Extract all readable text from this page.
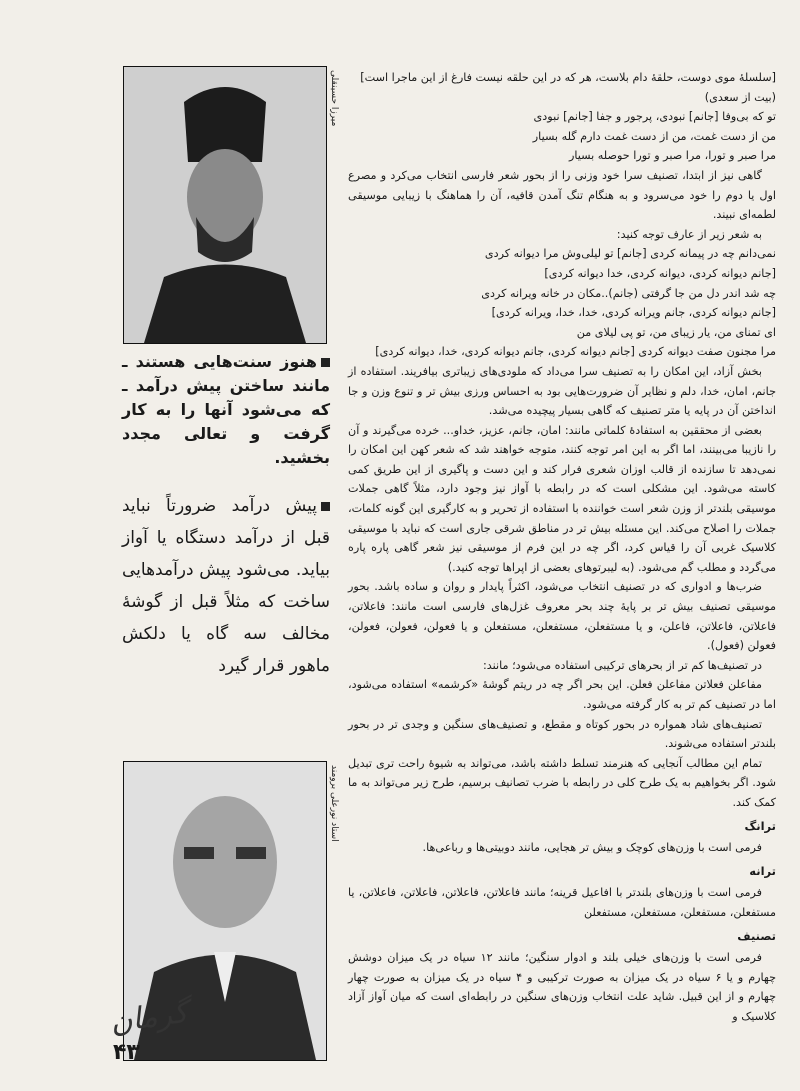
[سلسلهٔ موی دوست، حلقهٔ دام بلاست، هر که در این حلقه نیست فارغ از این ماجرا است]

(بیت از سعدی)

تو که بی‌وفا [جانم] نبودی، پرجور و جفا [جانم] نبودی

من از دست غمت، من از دست غمت دارم گله بسیار

مرا صبر و تورا، مرا صبر و تورا حوصله بسیار

گاهی نیز از ابتدا، تصنیف سرا خود وزنی را از بحور شعر فارسی انتخاب می‌کرد و مصرع اول یا دوم را خود می‌سرود و به هنگام تنگ آمدن قافیه، آن را هماهنگ با زیبایی موسیقی لطمه‌ای نبیند.

به شعر زیر از عارف توجه کنید:

نمی‌دانم چه در پیمانه کردی [جانم] تو لیلی‌وش مرا دیوانه کردی

[جانم دیوانه کردی، دیوانه کردی، خدا دیوانه کردی]

چه شد اندر دل من جا گرفتی (جانم)..مکان در خانه ویرانه کردی

[جانم دیوانه کردی، جانم ویرانه کردی، خدا، خدا، ویرانه کردی]

ای تمنای من، یار زیبای من، تو پی لیلای من

مرا مجنون صفت دیوانه کردی [جانم دیوانه کردی، جانم دیوانه کردی، خدا، دیوانه کردی]

بخش آزاد، این امکان را به تصنیف سرا می‌داد که ملودی‌های زیباتری بیافریند. استفاده از جانم، امان، خدا، دلم و نظایر آن ضرورت‌هایی بود به احساس ورزی بیش تر و تنوع وزن و جا انداختن آن در پایه یا متر تصنیف که گاهی بسیار پیچیده می‌شد.

بعضی از محققین به استفادهٔ کلماتی مانند: امان، جانم، عزیز، خداو... خرده می‌گیرند و آن را نازیبا می‌بینند، اما اگر به این امر توجه کنند، متوجه خواهند شد که شعر کهن این امکان را نمی‌دهد تا سازنده از قالب اوزان شعری فرار کند و این دست و پاگیری از این طریق کمی کاسته می‌شود. این مشکلی است که در رابطه با آواز نیز وجود دارد، مثلاً گاهی جملات موسیقی بلندتر از وزن شعر است خواننده با استفاده از تحریر و به کارگیری این گونه کلمات، جملات را اصلاح می‌کند. این مسئله بیش تر در مناطق شرقی جاری است که نباید با موسیقی کلاسیک غربی آن را قیاس کرد، اگر چه در این فرم از موسیقی نیز شعر گاهی پاره پاره می‌گردد و مطلب گم می‌شود. (به لیبرتوهای بعضی از اپرا‌ها توجه کنید.)

ضرب‌ها و ادواری که در تصنیف انتخاب می‌شود، اکثراً پایدار و روان و ساده باشد. بحور موسیقی تصنیف بیش تر بر پایهٔ چند بحر معروف غزل‌های فارسی است مانند: فاعلاتن، فاعلاتن، فاعلاتن، فاعلن، و یا مستفعلن، مستفعلن، مستفعلن و یا فعولن، فعولن، فعولن، فعولن (فعول).

در تصنیف‌ها کم تر از بحرهای ترکیبی استفاده می‌شود؛ مانند:

مفاعلن فعلاتن مفاعلن فعلن. این بحر اگر چه در ریتم گوشهٔ «کرشمه» استفاده می‌شود، اما در تصنیف کم تر به کار گرفته می‌شود.

تصنیف‌های شاد همواره در بحور کوتاه و مقطع، و تصنیف‌های سنگین و وجدی تر در بحور بلندتر استفاده می‌شوند.

تمام این مطالب آنجایی که هنرمند تسلط داشته باشد، می‌تواند به شیوهٔ راحت تری تبدیل شود. اگر بخواهیم به یک طرح کلی در رابطه با ضرب تصانیف برسیم، طرح زیر می‌تواند به ما کمک کند.

ترانگ

فرمی است با وزن‌های کوچک و بیش تر هجایی، مانند دوبیتی‌ها و رباعی‌ها.

ترانه

فرمی است با وزن‌های بلندتر با افاعیل قرینه؛ مانند فاعلاتن، فاعلاتن، فاعلاتن، فاعلاتن، یا مستفعلن، مستفعلن، مستفعلن، مستفعلن

تصنیف

فرمی است با وزن‌های خیلی بلند و ادوار سنگین؛ مانند ۱۲ سیاه در یک میزان دوشش چهارم و یا ۶ سیاه در یک میزان به صورت ترکیبی و ۴ سیاه در یک میزان به صورت چهار چهارم و از این قبیل. شاید علت انتخاب وزن‌های سنگین در رابطه‌ای است که میان آواز آزاد کلاسیک و

میرزا حسینقلی
هنوز سنت‌هایی هستند ـ مانند ساختن پیش درآمد ـ که می‌شود آنها را به کار گرفت و تعالی مجدد بخشید.
پیش درآمد ضرورتاً نباید قبل از درآمد دستگاه یا آواز بیاید. می‌شود پیش درآمدهایی ساخت که مثلاً قبل از گوشهٔ مخالف سه گاه یا دلکش ماهور قرار گیرد
استاد نورعلی برومند
گرمان
۴۳
